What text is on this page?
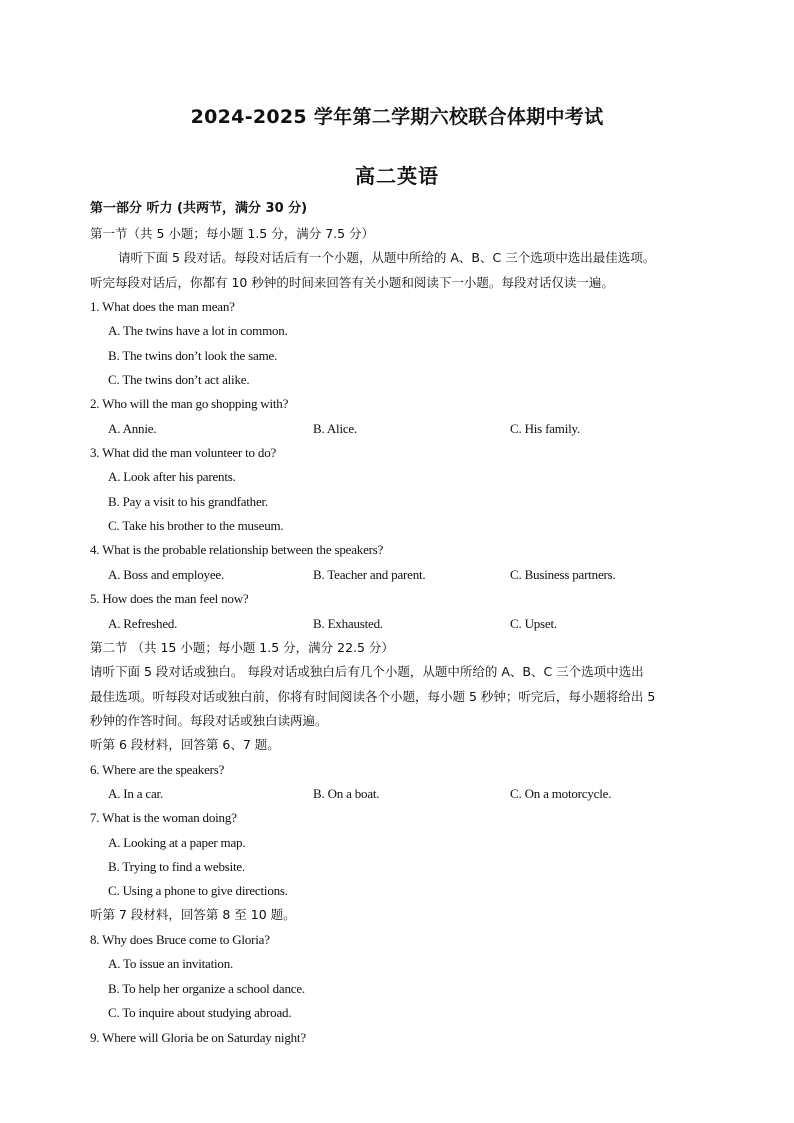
2024-2025 学年第二学期六校联合体期中考试
高二英语
第一部分 听力 (共两节，满分 30 分)
第一节（共 5 小题；每小题 1.5 分，满分 7.5 分）
请听下面 5 段对话。每段对话后有一个小题，从题中所给的 A、B、C 三个选项中选出最佳选项。
听完每段对话后，你都有 10 秒钟的时间来回答有关小题和阅读下一小题。每段对话仅读一遍。
1. What does the man mean?
A. The twins have a lot in common.
B. The twins don’t look the same.
C. The twins don’t act alike.
2. Who will the man go shopping with?
A. Annie.	B. Alice.	C. His family.
3. What did the man volunteer to do?
A. Look after his parents.
B. Pay a visit to his grandfather.
C. Take his brother to the museum.
4. What is the probable relationship between the speakers?
A. Boss and employee.	B. Teacher and parent.	C. Business partners.
5. How does the man feel now?
A. Refreshed.	B. Exhausted.	C. Upset.
第二节 （共 15 小题；每小题 1.5 分，满分 22.5 分）
请听下面 5 段对话或独白。 每段对话或独白后有几个小题，从题中所给的 A、B、C 三个选项中选出
最佳选项。听每段对话或独白前，你将有时间阅读各个小题，每小题 5 秒钟；听完后，每小题将给出 5
秒钟的作答时间。每段对话或独白读两遍。
听第 6 段材料，回答第 6、7 题。
6. Where are the speakers?
A. In a car.	B. On a boat.	C. On a motorcycle.
7. What is the woman doing?
A. Looking at a paper map.
B. Trying to find a website.
C. Using a phone to give directions.
听第 7 段材料，回答第 8 至 10 题。
8. Why does Bruce come to Gloria?
A. To issue an invitation.
B. To help her organize a school dance.
C. To inquire about studying abroad.
9. Where will Gloria be on Saturday night?
